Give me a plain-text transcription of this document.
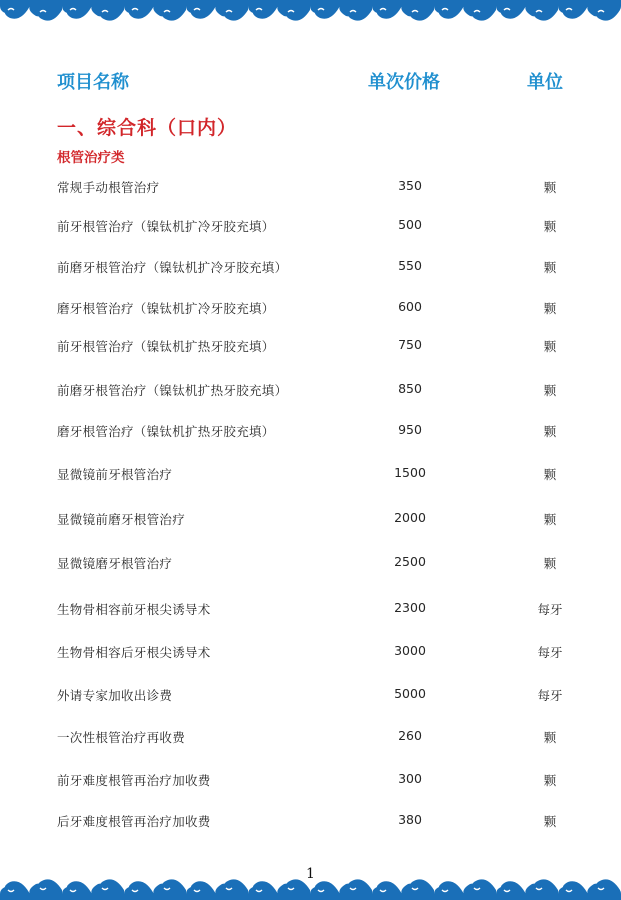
项目名称	单次价格	单位
一、综合科（口内）
根管治疗类
常规手动根管治疗	350	颗
前牙根管治疗（镍钛机扩冷牙胶充填）	500	颗
前磨牙根管治疗（镍钛机扩冷牙胶充填）	550	颗
磨牙根管治疗（镍钛机扩冷牙胶充填）	600	颗
前牙根管治疗（镍钛机扩热牙胶充填）	750	颗
前磨牙根管治疗（镍钛机扩热牙胶充填）	850	颗
磨牙根管治疗（镍钛机扩热牙胶充填）	950	颗
显微镜前牙根管治疗	1500	颗
显微镜前磨牙根管治疗	2000	颗
显微镜磨牙根管治疗	2500	颗
生物骨相容前牙根尖诱导术	2300	每牙
生物骨相容后牙根尖诱导术	3000	每牙
外请专家加收出诊费	5000	每牙
一次性根管治疗再收费	260	颗
前牙难度根管再治疗加收费	300	颗
后牙难度根管再治疗加收费	380	颗
1
